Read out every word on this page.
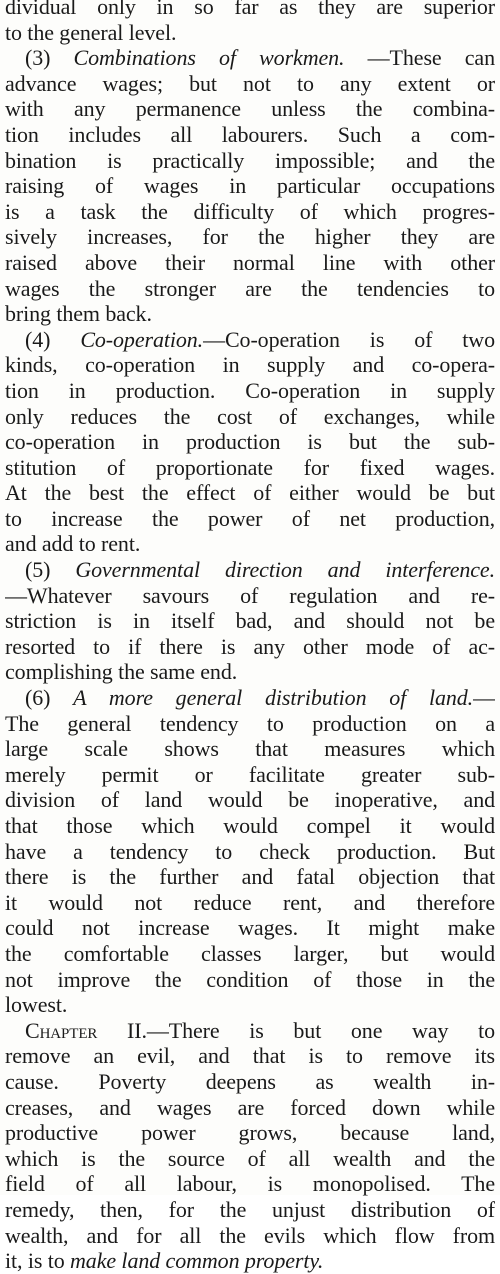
dividual only in so far as they are superior
to the general level.
(3) Combinations of workmen. —These can
advance wages; but not to any extent or
with any permanence unless the combina-
tion includes all labourers. Such a com-
bination is practically impossible; and the
raising of wages in particular occupations
is a task the difficulty of which progres-
sively increases, for the higher they are
raised above their normal line with other
wages the stronger are the tendencies to
bring them back.
(4) Co-operation.—Co-operation is of two
kinds, co-operation in supply and co-opera-
tion in production. Co-operation in supply
only reduces the cost of exchanges, while
co-operation in production is but the sub-
stitution of proportionate for fixed wages.
At the best the effect of either would be but
to increase the power of net production,
and add to rent.
(5) Governmental direction and interference.
—Whatever savours of regulation and re-
striction is in itself bad, and should not be
resorted to if there is any other mode of ac-
complishing the same end.
(6) A more general distribution of land.—
The general tendency to production on a
large scale shows that measures which
merely permit or facilitate greater sub-
division of land would be inoperative, and
that those which would compel it would
have a tendency to check production. But
there is the further and fatal objection that
it would not reduce rent, and therefore
could not increase wages. It might make
the comfortable classes larger, but would
not improve the condition of those in the
lowest.
Chapter II.—There is but one way to
remove an evil, and that is to remove its
cause. Poverty deepens as wealth in-
creases, and wages are forced down while
productive power grows, because land,
which is the source of all wealth and the
field of all labour, is monopolised. The
remedy, then, for the unjust distribution of
wealth, and for all the evils which flow from
it, is to make land common property.
